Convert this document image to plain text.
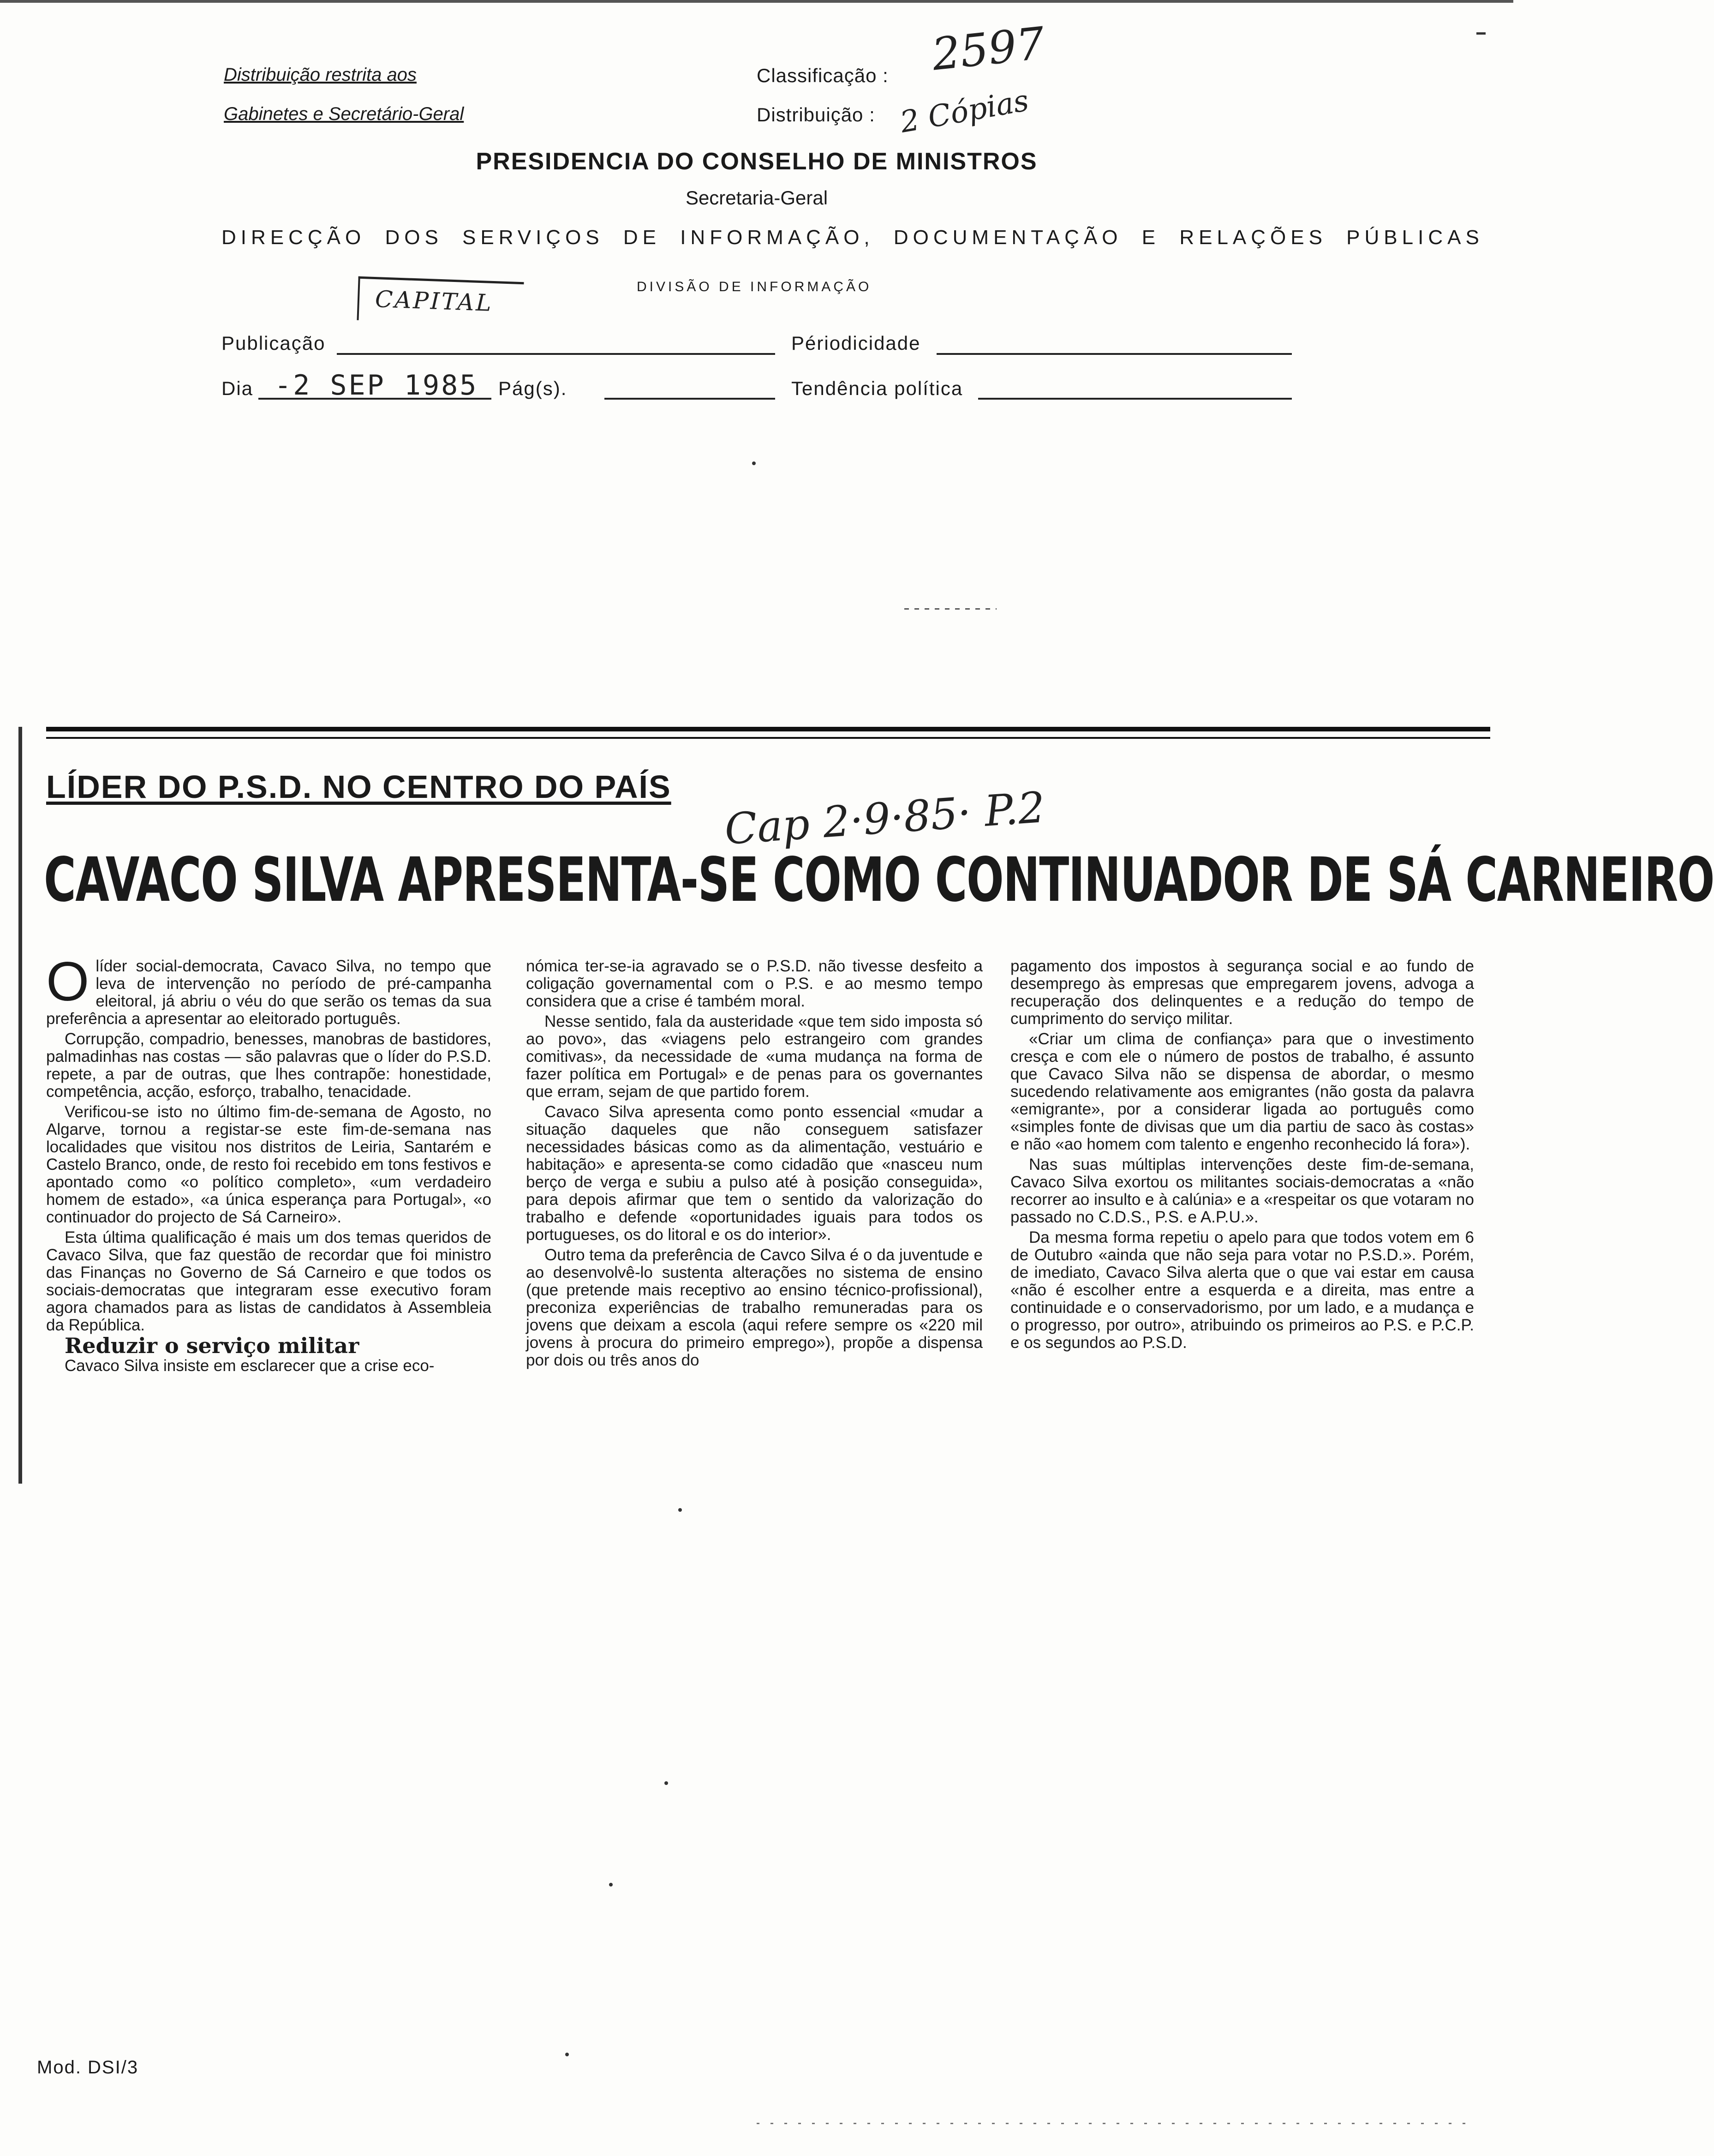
Distribuição restrita aos
Gabinetes e Secretário-Geral
Classificação : 2597
Distribuição : 2 Cópias
PRESIDENCIA DO CONSELHO DE MINISTROS
Secretaria-Geral
DIRECÇÃO DOS SERVIÇOS DE INFORMAÇÃO, DOCUMENTAÇÃO E RELAÇÕES PÚBLICAS
CAPITAL	DIVISÃO DE INFORMAÇÃO
Publicação	Périodicidade
Dia -2 SEP 1985 Pág(s).	Tendência política
LÍDER DO P.S.D. NO CENTRO DO PAÍS Cap 2·9·85· P.2
CAVACO SILVA APRESENTA-SE COMO CONTINUADOR DE SÁ CARNEIRO

Olíder social-democrata, Cavaco Silva, no tempo que leva de intervenção no período de pré-campanha eleitoral, já abriu o véu do que serão os temas da sua preferência a apresentar ao eleitorado português.

Corrupção, compadrio, benesses, manobras de bastidores, palmadinhas nas costas — são palavras que o líder do P.S.D. repete, a par de outras, que lhes contrapõe: honestidade, competência, acção, esforço, trabalho, tenacidade.

Verificou-se isto no último fim-de-semana de Agosto, no Algarve, tornou a registar-se este fim-de-semana nas localidades que visitou nos distritos de Leiria, Santarém e Castelo Branco, onde, de resto foi recebido em tons festivos e apontado como «o político completo», «um verdadeiro homem de estado», «a única esperança para Portugal», «o continuador do projecto de Sá Carneiro».

Esta última qualificação é mais um dos temas queridos de Cavaco Silva, que faz questão de recordar que foi ministro das Finanças no Governo de Sá Carneiro e que todos os sociais-democratas que integraram esse executivo foram agora chamados para as listas de candidatos à Assembleia da República.

Reduzir o serviço militar

Cavaco Silva insiste em esclarecer que a crise eco-

nómica ter-se-ia agravado se o P.S.D. não tivesse desfeito a coligação governamental com o P.S. e ao mesmo tempo considera que a crise é também moral.

Nesse sentido, fala da austeridade «que tem sido imposta só ao povo», das «viagens pelo estrangeiro com grandes comitivas», da necessidade de «uma mudança na forma de fazer política em Portugal» e de penas para os governantes que erram, sejam de que partido forem.

Cavaco Silva apresenta como ponto essencial «mudar a situação daqueles que não conseguem satisfazer necessidades básicas como as da alimentação, vestuário e habitação» e apresenta-se como cidadão que «nasceu num berço de verga e subiu a pulso até à posição conseguida», para depois afirmar que tem o sentido da valorização do trabalho e defende «oportunidades iguais para todos os portugueses, os do litoral e os do interior».

Outro tema da preferência de Cavco Silva é o da juventude e ao desenvolvê-lo sustenta alterações no sistema de ensino (que pretende mais receptivo ao ensino técnico-profissional), preconiza experiências de trabalho remuneradas para os jovens que deixam a escola (aqui refere sempre os «220 mil jovens à procura do primeiro emprego»), propõe a dispensa por dois ou três anos do

pagamento dos impostos à segurança social e ao fundo de desemprego às empresas que empregarem jovens, advoga a recuperação dos delinquentes e a redução do tempo de cumprimento do serviço militar.

«Criar um clima de confiança» para que o investimento cresça e com ele o número de postos de trabalho, é assunto que Cavaco Silva não se dispensa de abordar, o mesmo sucedendo relativamente aos emigrantes (não gosta da palavra «emigrante», por a considerar ligada ao português como «simples fonte de divisas que um dia partiu de saco às costas» e não «ao homem com talento e engenho reconhecido lá fora»).

Nas suas múltiplas intervenções deste fim-de-semana, Cavaco Silva exortou os militantes sociais-democratas a «não recorrer ao insulto e à calúnia» e a «respeitar os que votaram no passado no C.D.S., P.S. e A.P.U.».

Da mesma forma repetiu o apelo para que todos votem em 6 de Outubro «ainda que não seja para votar no P.S.D.». Porém, de imediato, Cavaco Silva alerta que o que vai estar em causa «não é escolher entre a esquerda e a direita, mas entre a continuidade e o conservadorismo, por um lado, e a mudança e o progresso, por outro», atribuindo os primeiros ao P.S. e P.C.P. e os segundos ao P.S.D.

Mod. DSI/3
